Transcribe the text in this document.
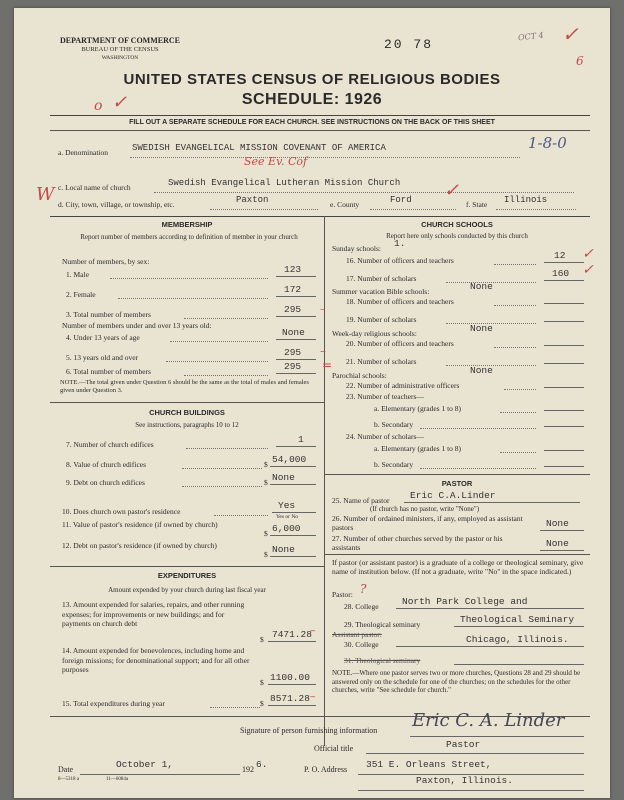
DEPARTMENT OF COMMERCE
BUREAU OF THE CENSUS
WASHINGTON
20 78
OCT 4
6
✓
UNITED STATES CENSUS OF RELIGIOUS BODIES
SCHEDULE: 1926
o ✓
FILL OUT A SEPARATE SCHEDULE FOR EACH CHURCH. SEE INSTRUCTIONS ON THE BACK OF THIS SHEET
a. Denomination	SWEDISH EVANGELICAL MISSION COVENANT OF AMERICA	1-8-0
See Ev. Cof
c. Local name of church	Swedish Evangelical Lutheran Mission Church
W d. City, town, village, or township, etc.	Paxton	e. County	Ford ✓
f. State Illinois
MEMBERSHIP
Report number of members according to definition of member in your church
Number of members, by sex:
1. Male	123
2. Female	172
3. Total number of members	295 –
Number of members under and over 13 years old:
4. Under 13 years of age	None
5. 13 years old and over	295 –
6. Total number of members	295 =
NOTE.—The total given under Question 6 should be the same as the total of males and females given under Question 3.
CHURCH BUILDINGS
See instructions, paragraphs 10 to 12
7. Number of church edifices	1
8. Value of church edifices	$ 54,000
9. Debt on church edifices	$ None
10. Does church own pastor's residence
Yes
Yes or No
11. Value of pastor's residence (if owned by church)
$ 6,000
12. Debt on pastor's residence (if owned by church)
$ None
EXPENDITURES
Amount expended by your church during last fiscal year
13. Amount expended for salaries, repairs, and other running expenses; for improvements or new buildings; and for payments on church debt
$ 7471.28
–
14. Amount expended for benevolences, including home and foreign missions; for denominational support; and for all other purposes
$ 1100.00
15. Total expenditures during year	$ 8571.28 –
CHURCH SCHOOLS
Report here only schools conducted by this church
Sunday schools: 1.
16. Number of officers and teachers	12 ✓
17. Number of scholars	160 ✓
Summer vacation Bible schools:	None
18. Number of officers and teachers
19. Number of scholars
Week-day religious schools:	None
20. Number of officers and teachers
21. Number of scholars
Parochial schools:	None
22. Number of administrative officers
23. Number of teachers—
a. Elementary (grades 1 to 8)
b. Secondary
24. Number of scholars—
a. Elementary (grades 1 to 8)
b. Secondary
PASTOR
25. Name of pastor Eric C.A.Linder
(If church has no pastor, write "None")
26. Number of ordained ministers, if any, employed as assistant pastors	None
27. Number of other churches served by the pastor or his assistants	None
If pastor (or assistant pastor) is a graduate of a college or theological seminary, give name of institution below. (If not a graduate, write "No" in the space indicated.)
Pastor: ?
28. College North Park College and
29. Theological seminary	Theological Seminary
Assistant pastor:
30. College	Chicago, Illinois.
31. Theological seminary
NOTE.—Where one pastor serves two or more churches, Questions 28 and 29 should be answered only on the schedule for one of the churches; on the schedules for the other churches, write "See schedule for church."
Signature of person furnishing information Eric C. A. Linder
Official title	Pastor
Date	October 1,	192 6.	P. O. Address 351 E. Orleans Street,
Paxton, Illinois.
8—5318 a	11—6084a
